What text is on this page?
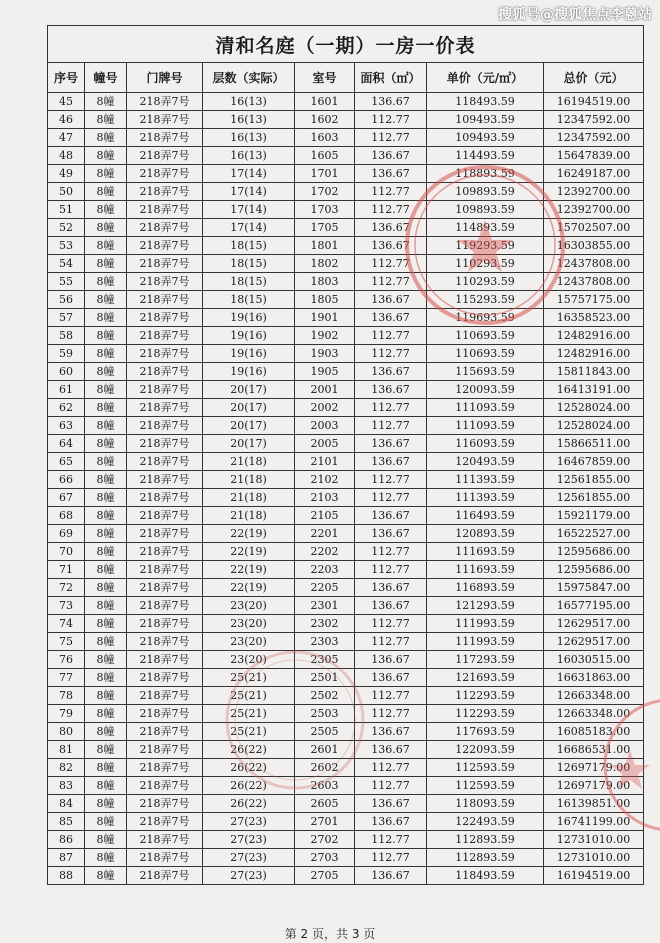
搜狐号@搜狐焦点李蒽站
清和名庭（一期）一房一价表							
序号	幢号	门牌号	层数（实际）	室号	面积（㎡）	单价（元/㎡）	总价（元）
45	8幢	218弄7号	16(13)	1601	136.67	118493.59	16194519.00
46	8幢	218弄7号	16(13)	1602	112.77	109493.59	12347592.00
47	8幢	218弄7号	16(13)	1603	112.77	109493.59	12347592.00
48	8幢	218弄7号	16(13)	1605	136.67	114493.59	15647839.00
49	8幢	218弄7号	17(14)	1701	136.67	118893.59	16249187.00
50	8幢	218弄7号	17(14)	1702	112.77	109893.59	12392700.00
51	8幢	218弄7号	17(14)	1703	112.77	109893.59	12392700.00
52	8幢	218弄7号	17(14)	1705	136.67	114893.59	15702507.00
53	8幢	218弄7号	18(15)	1801	136.67	119293.59	16303855.00
54	8幢	218弄7号	18(15)	1802	112.77	110293.59	12437808.00
55	8幢	218弄7号	18(15)	1803	112.77	110293.59	12437808.00
56	8幢	218弄7号	18(15)	1805	136.67	115293.59	15757175.00
57	8幢	218弄7号	19(16)	1901	136.67	119693.59	16358523.00
58	8幢	218弄7号	19(16)	1902	112.77	110693.59	12482916.00
59	8幢	218弄7号	19(16)	1903	112.77	110693.59	12482916.00
60	8幢	218弄7号	19(16)	1905	136.67	115693.59	15811843.00
61	8幢	218弄7号	20(17)	2001	136.67	120093.59	16413191.00
62	8幢	218弄7号	20(17)	2002	112.77	111093.59	12528024.00
63	8幢	218弄7号	20(17)	2003	112.77	111093.59	12528024.00
64	8幢	218弄7号	20(17)	2005	136.67	116093.59	15866511.00
65	8幢	218弄7号	21(18)	2101	136.67	120493.59	16467859.00
66	8幢	218弄7号	21(18)	2102	112.77	111393.59	12561855.00
67	8幢	218弄7号	21(18)	2103	112.77	111393.59	12561855.00
68	8幢	218弄7号	21(18)	2105	136.67	116493.59	15921179.00
69	8幢	218弄7号	22(19)	2201	136.67	120893.59	16522527.00
70	8幢	218弄7号	22(19)	2202	112.77	111693.59	12595686.00
71	8幢	218弄7号	22(19)	2203	112.77	111693.59	12595686.00
72	8幢	218弄7号	22(19)	2205	136.67	116893.59	15975847.00
73	8幢	218弄7号	23(20)	2301	136.67	121293.59	16577195.00
74	8幢	218弄7号	23(20)	2302	112.77	111993.59	12629517.00
75	8幢	218弄7号	23(20)	2303	112.77	111993.59	12629517.00
76	8幢	218弄7号	23(20)	2305	136.67	117293.59	16030515.00
77	8幢	218弄7号	25(21)	2501	136.67	121693.59	16631863.00
78	8幢	218弄7号	25(21)	2502	112.77	112293.59	12663348.00
79	8幢	218弄7号	25(21)	2503	112.77	112293.59	12663348.00
80	8幢	218弄7号	25(21)	2505	136.67	117693.59	16085183.00
81	8幢	218弄7号	26(22)	2601	136.67	122093.59	16686531.00
82	8幢	218弄7号	26(22)	2602	112.77	112593.59	12697179.00
83	8幢	218弄7号	26(22)	2603	112.77	112593.59	12697179.00
84	8幢	218弄7号	26(22)	2605	136.67	118093.59	16139851.00
85	8幢	218弄7号	27(23)	2701	136.67	122493.59	16741199.00
86	8幢	218弄7号	27(23)	2702	112.77	112893.59	12731010.00
87	8幢	218弄7号	27(23)	2703	112.77	112893.59	12731010.00
88	8幢	218弄7号	27(23)	2705	136.67	118493.59	16194519.00
第 2 页，共 3 页
